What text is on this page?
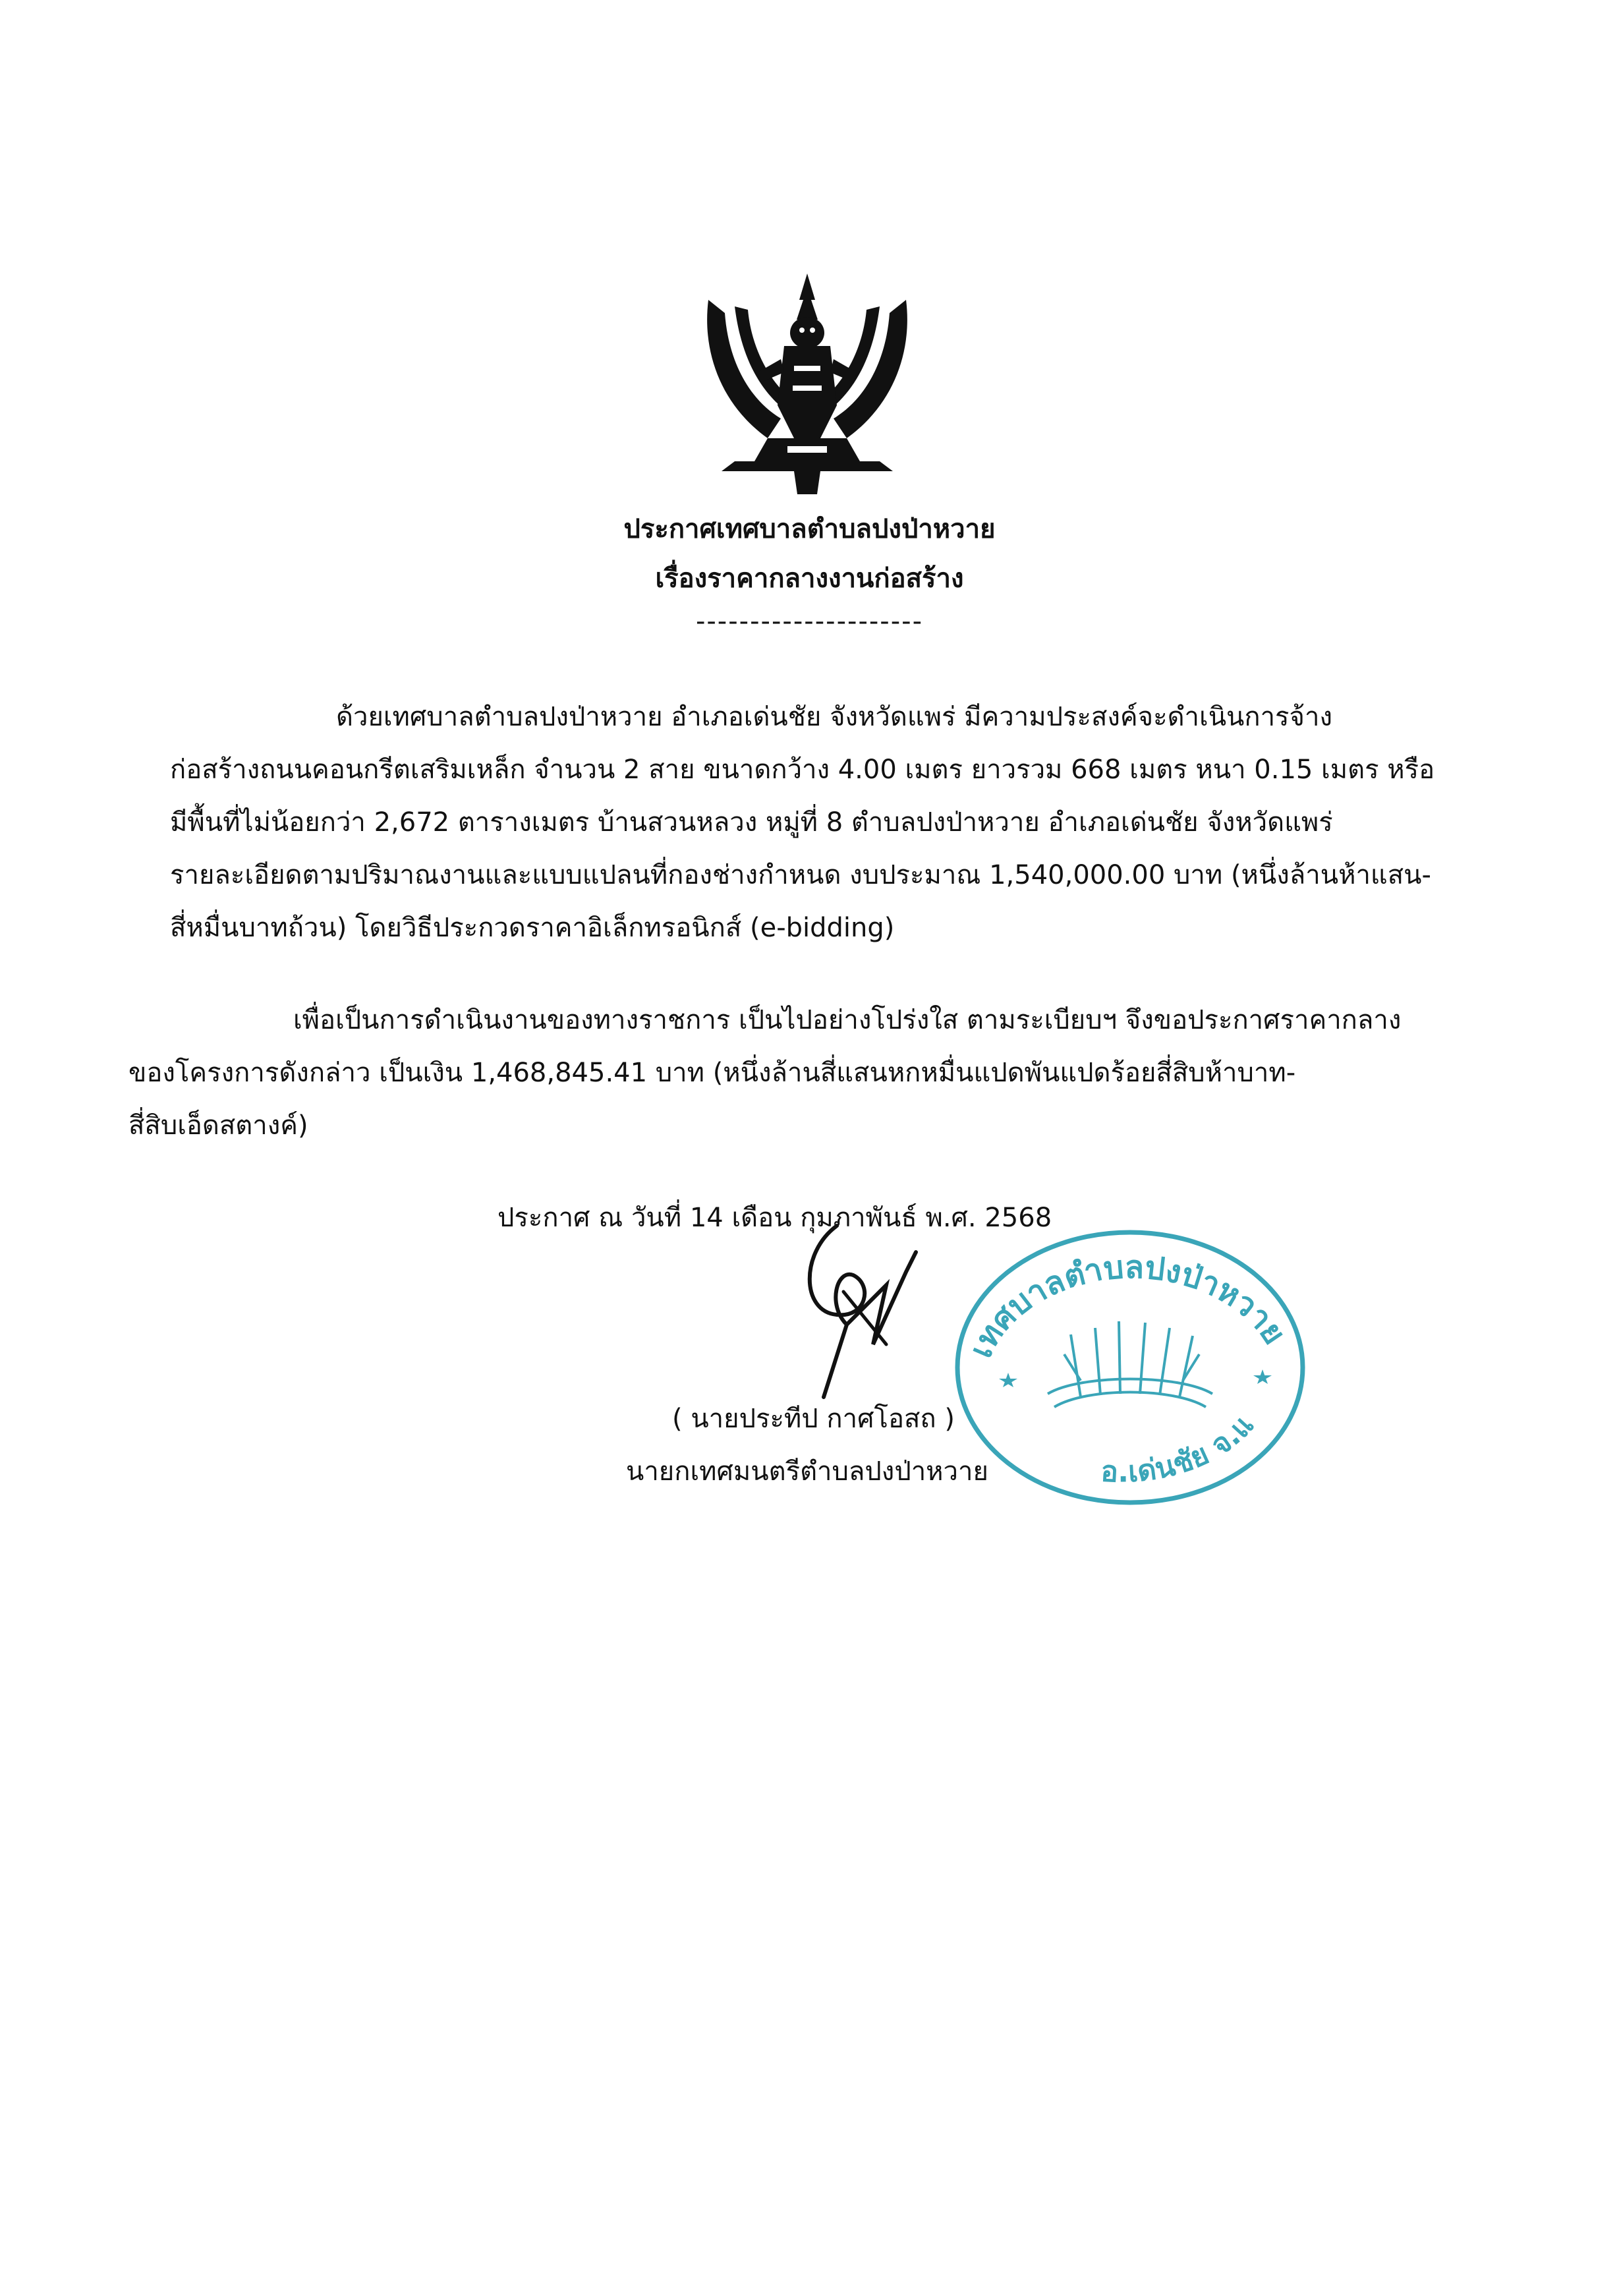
ประกาศเทศบาลตำบลปงป่าหวาย
เรื่องราคากลางงานก่อสร้าง
---------------------
ด้วยเทศบาลตำบลปงป่าหวาย อำเภอเด่นชัย จังหวัดแพร่ มีความประสงค์จะดำเนินการจ้าง
ก่อสร้างถนนคอนกรีตเสริมเหล็ก จำนวน 2 สาย ขนาดกว้าง 4.00 เมตร ยาวรวม 668 เมตร หนา 0.15 เมตร หรือ
มีพื้นที่ไม่น้อยกว่า 2,672 ตารางเมตร บ้านสวนหลวง หมู่ที่ 8 ตำบลปงป่าหวาย อำเภอเด่นชัย จังหวัดแพร่
รายละเอียดตามปริมาณงานและแบบแปลนที่กองช่างกำหนด งบประมาณ 1,540,000.00 บาท (หนึ่งล้านห้าแสน-
สี่หมื่นบาทถ้วน) โดยวิธีประกวดราคาอิเล็กทรอนิกส์ (e-bidding)
เพื่อเป็นการดำเนินงานของทางราชการ เป็นไปอย่างโปร่งใส ตามระเบียบฯ จึงขอประกาศราคากลาง
ของโครงการดังกล่าว เป็นเงิน 1,468,845.41 บาท (หนึ่งล้านสี่แสนหกหมื่นแปดพันแปดร้อยสี่สิบห้าบาท-
สี่สิบเอ็ดสตางค์)
ประกาศ ณ วันที่ 14 เดือน กุมภาพันธ์ พ.ศ. 2568
( นายประทีป กาศโอสถ )
นายกเทศมนตรีตำบลปงป่าหวาย
เทศบาลตำบลปงป่าหวาย
อ.เด่นชัย จ.แ
